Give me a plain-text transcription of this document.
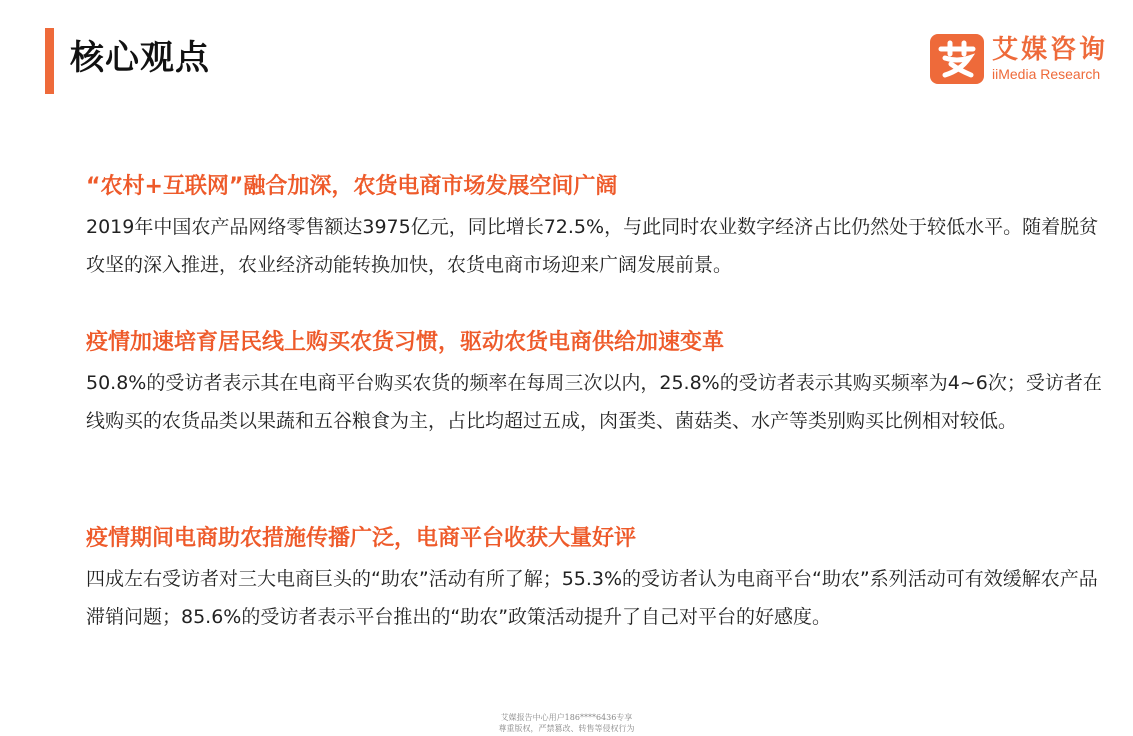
核心观点	艾媒咨询
iiMedia Research
“农村+互联网”融合加深，农货电商市场发展空间广阔
2019年中国农产品网络零售额达3975亿元，同比增长72.5%，与此同时农业数字经济占比仍然处于较低水平。随着脱贫攻坚的深入推进，农业经济动能转换加快，农货电商市场迎来广阔发展前景。
疫情加速培育居民线上购买农货习惯，驱动农货电商供给加速变革
50.8%的受访者表示其在电商平台购买农货的频率在每周三次以内，25.8%的受访者表示其购买频率为4~6次；受访者在线购买的农货品类以果蔬和五谷粮食为主，占比均超过五成，肉蛋类、菌菇类、水产等类别购买比例相对较低。
疫情期间电商助农措施传播广泛，电商平台收获大量好评
四成左右受访者对三大电商巨头的“助农”活动有所了解；55.3%的受访者认为电商平台“助农”系列活动可有效缓解农产品滞销问题；85.6%的受访者表示平台推出的“助农”政策活动提升了自己对平台的好感度。
艾媒报告中心用户186****6436专享
尊重版权，严禁篡改、转售等侵权行为
